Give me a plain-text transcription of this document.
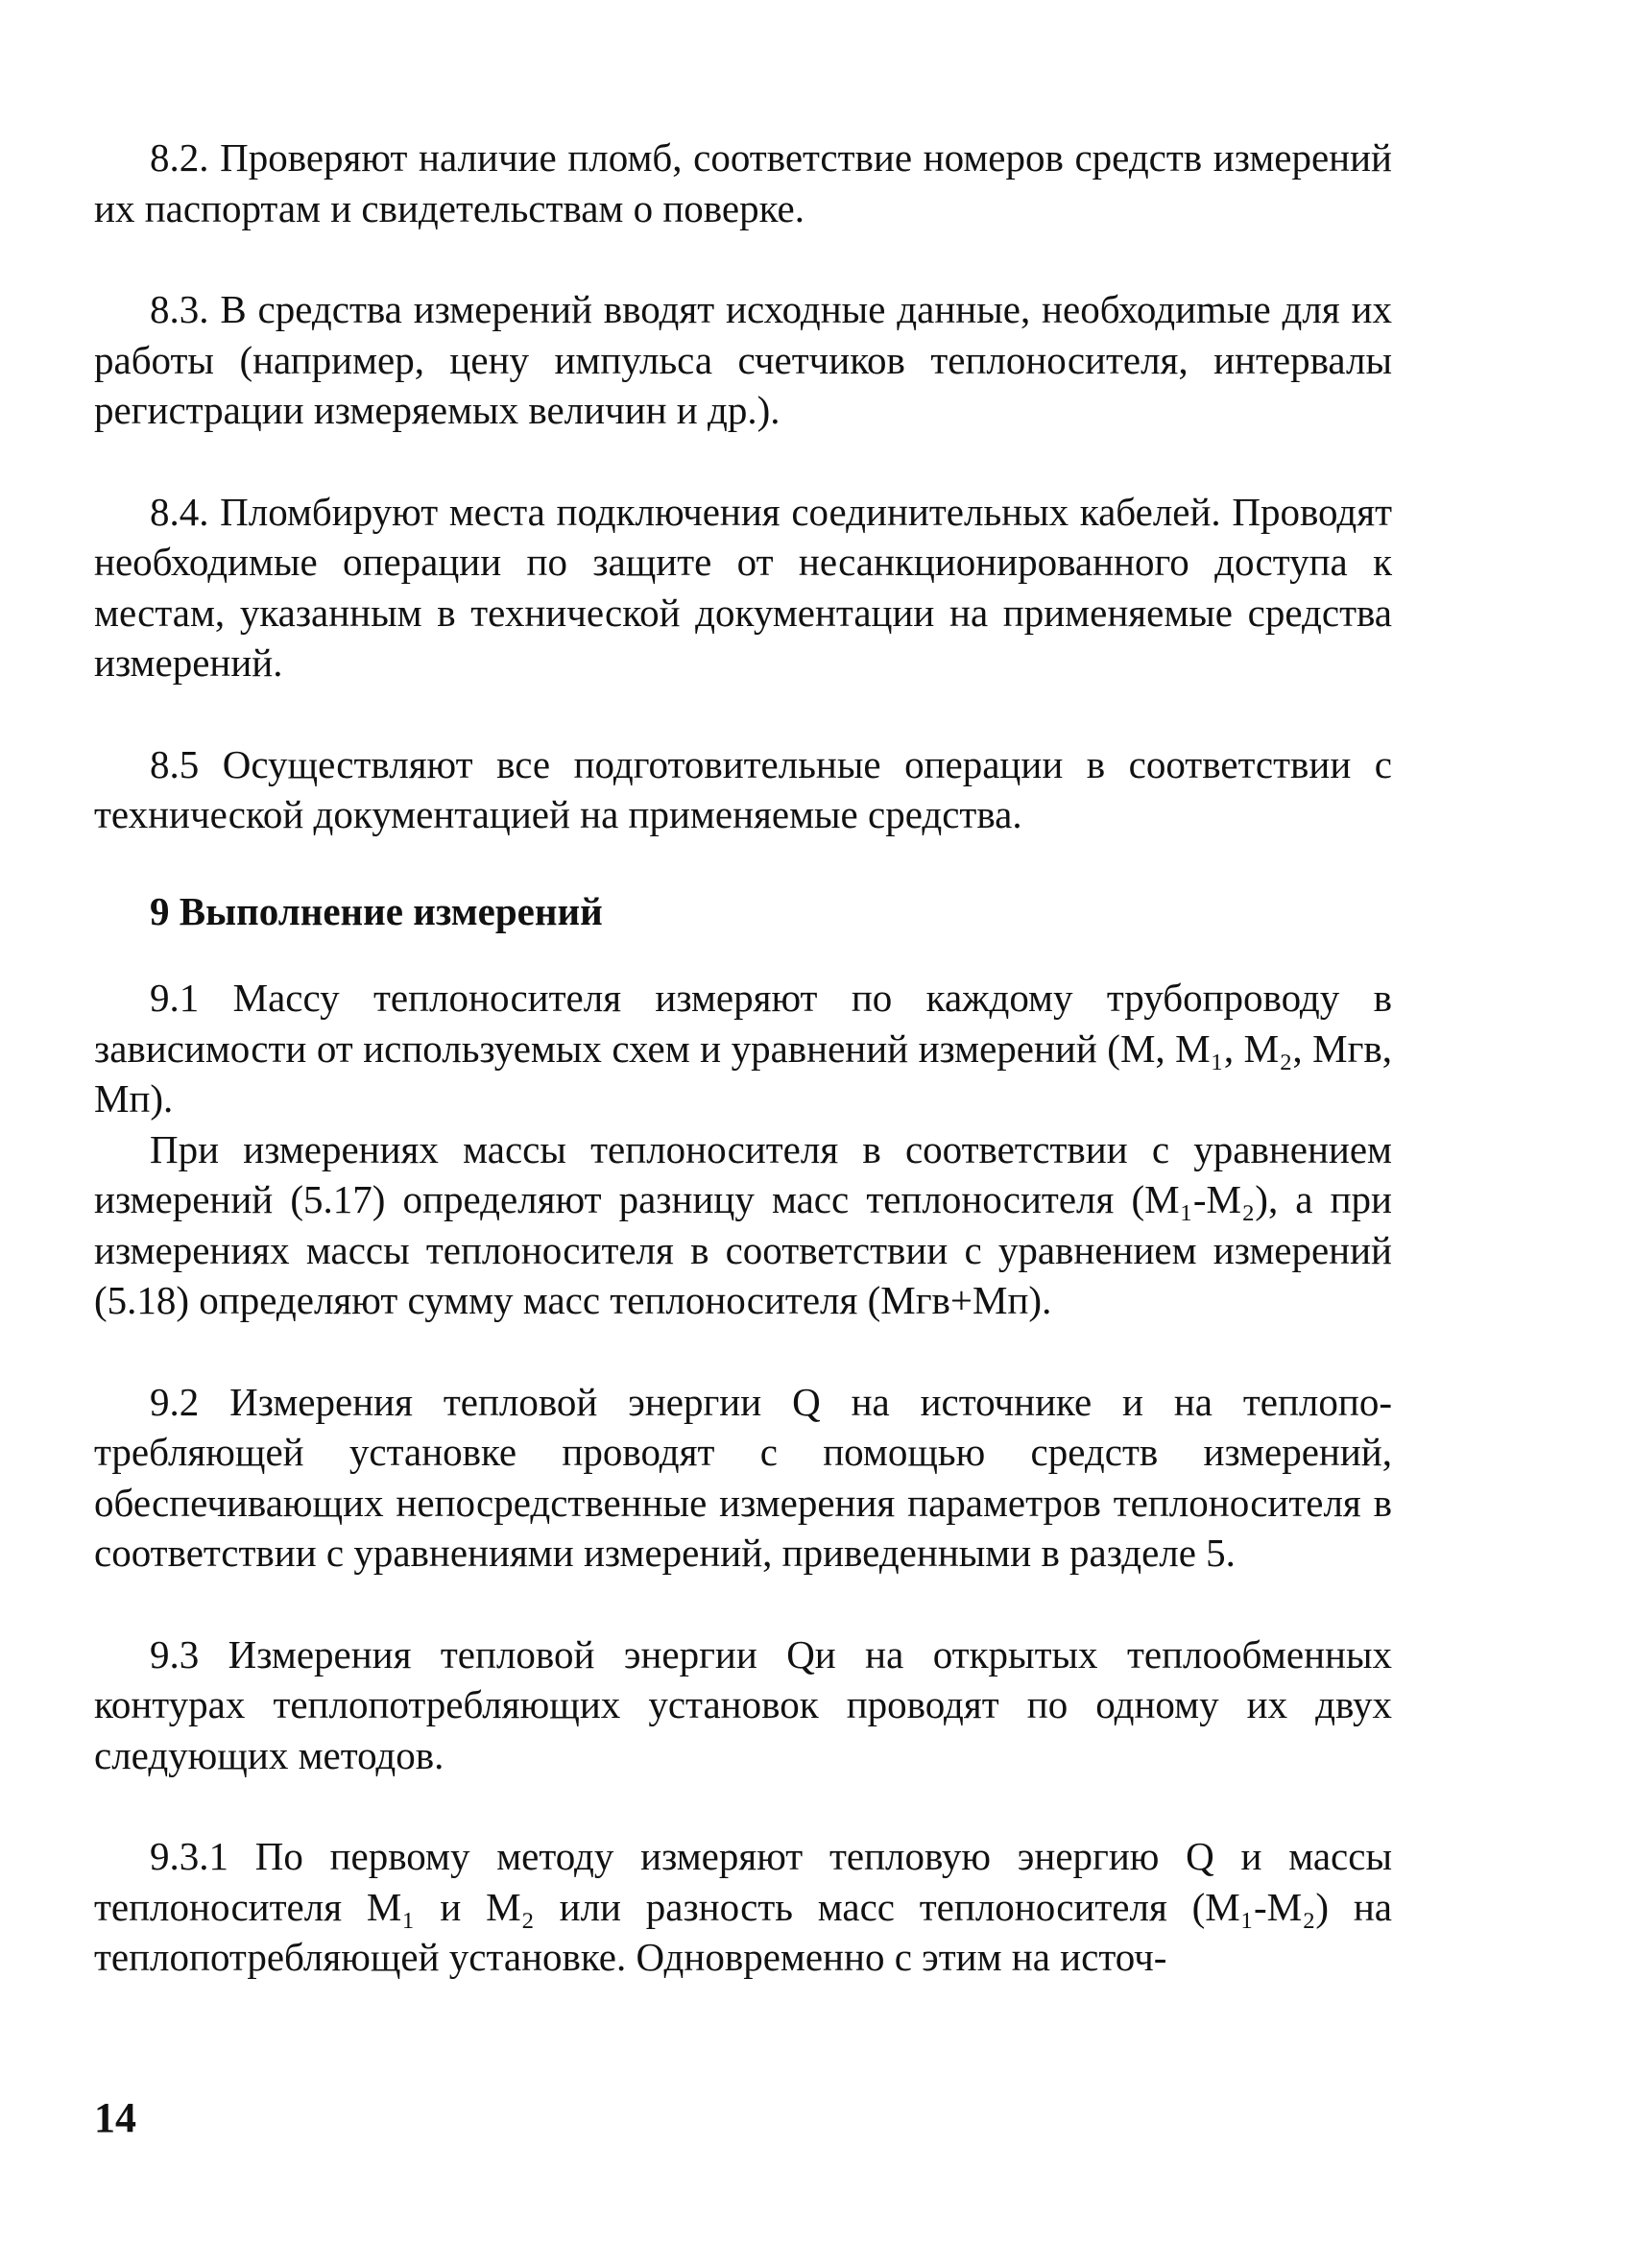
8.2. Проверяют наличие пломб, соответствие номеров средств измерений их паспортам и свидетельствам о поверке.

8.3. В средства измерений вводят исходные данные, необходиmые для их работы (например, цену импульса счетчиков теплоносителя, интервалы регистрации измеряемых величин и др.).

8.4. Пломбируют места подключения соединительных кабелей. Проводят необходимые операции по защите от несанкционированного доступа к местам, указанным в технической документации на применяемые средства измерений.

8.5 Осуществляют все подготовительные операции в соответствии с технической документацией на применяемые средства.

9 Выполнение измерений

9.1 Массу теплоносителя измеряют по каждому трубопроводу в зависимости от используемых схем и уравнений измерений (М, М₁, М₂, Мгв, Мп).

При измерениях массы теплоносителя в соответствии с уравнением измерений (5.17) определяют разницу масс теплоносителя (М₁-М₂), а при измерениях массы теплоносителя в соответствии с уравнением измерений (5.18) определяют сумму масс теплоносителя (Мгв+Мп).

9.2 Измерения тепловой энергии Q на источнике и на теплопотребляющей установке проводят с помощью средств измерений, обеспечивающих непосредственные измерения параметров теплоносителя в соответствии с уравнениями измерений, приведенными в разделе 5.

9.3 Измерения тепловой энергии Qи на открытых теплообменных контурах теплопотребляющих установок проводят по одному их двух следующих методов.

9.3.1 По первому методу измеряют тепловую энергию Q и массы теплоносителя М₁ и М₂ или разность масс теплоносителя (М₁-М₂) на теплопотребляющей установке. Одновременно с этим на источ-

14
